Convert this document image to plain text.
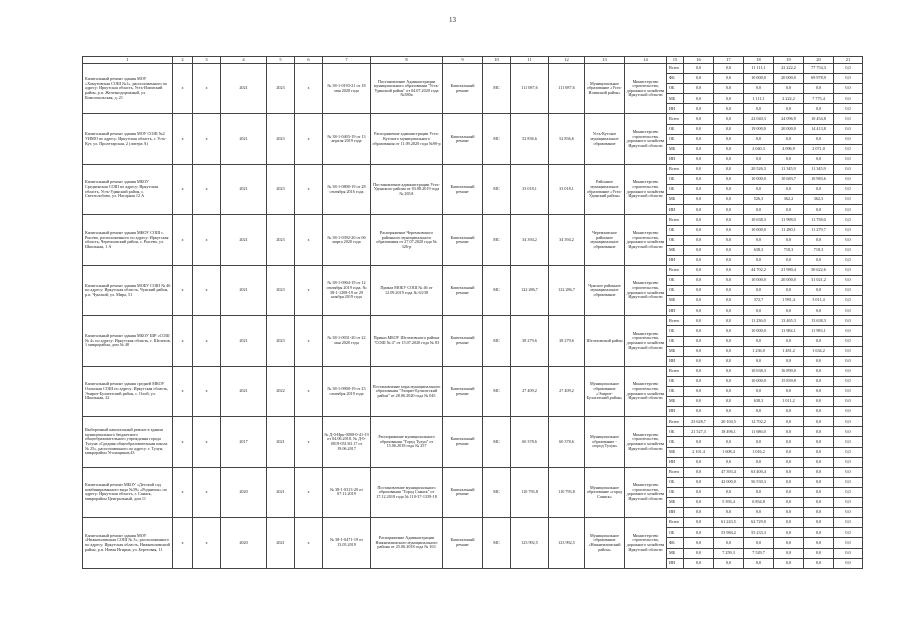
13
1	2	3	4	5	6	7	8	9	10	11	12	13	14	15	16	17	18	19	20	21
Капитальный ремонт здания МОУ «Хомутовская СОШ №1», расположенного по адресу: Иркутская область, Усть-Илимский район, р.п. Железнодорожный, ул. Комсомольская, д. 21	х	х	2021	2023	х	№ 38-1-0193-21 от 18 мая 2020 года	Постановление Администрации муниципального образования "Усть-Удинский район" от 04.07.2020 года №380а	Капитальный ремонт	МС	111 087,6	111 087,6	Муниципальное образование «Усть-Илимский район»	Министерство строительства, дорожного хозяйства Иркутской области	Всего	0,0	0,0	11 111,1	22 222,2	77 754,3	0,0
														ФБ	0,0	0,0	10 000,0	20 000,0	69 978,9	0,0
														ОБ	0,0	0,0	0,0	0,0	0,0	0,0
														МБ	0,0	0,0	1 111,1	2 222,2	7 775,4	0,0
														ИИ	0,0	0,0	0,0	0,0	0,0	0,0
Капитальный ремонт здания МОУ СОШ №2 УИМО по адресу: Иркутская область, г. Усть-Кут, ул. Пролетарская, 2 (литера А)	х	х	2021	2023	х	№ 38-1-0403-19 от 13 апреля 2019 года	Распоряжение администрации Усть-Кутского муниципального образования от 11.09.2020 года №90-р	Капитальный ремонт	МС	52 836,6	52 836,6	Усть-Кутское муниципальное образование	Министерство строительства, дорожного хозяйства Иркутской области	Всего	0,0	0,0	22 040,3	24 096,9	10 454,8	0,0
														ОБ	0,0	0,0	19 000,0	20 000,0	14 413,8	0,0
														ОБ	0,0	0,0	0,0	0,0	0,0	0,0
														МБ	0,0	0,0	2 040,3	4 096,9	2 071,0	0,0
														ИИ	0,0	0,0	0,0	0,0	0,0	0,0
Капитальный ремонт здания МБОУ Средненская СОШ по адресу: Иркутская область, Усть-Удинский район, с. Светлолобово, ул. Нагорная 12 А	х	х	2021	2023	х	№ 38-1-0800-19 от 28 сентября 2016 года	Постановление администрации Усть-Удинского района от 03.08.2019 года № 265А	Капитальный ремонт	МС	33 018,1	33 018,1	Районное муниципальное образование «Усть-Удинский район»	Министерство строительства, дорожного хозяйства Иркутской области	Всего	0,0	0,0	20 526,3	11 345,9	11 345,9	0,0
														ОБ	0,0	0,0	10 000,0	10 683,7	10 983,6	0,0
														ОБ	0,0	0,0	0,0	0,0	0,0	0,0
														МБ	0,0	0,0	526,3	362,2	362,3	0,0
														ИИ	0,0	0,0	0,0	0,0	0,0	0,0
Капитальный ремонт здания МКОУ СОШ с. Рысево, расположенного по адресу: Иркутская область, Черемховский район, с. Рысево, ул. Школьная, 1 А	х	х	2021	2023	х	№ 38-1-0392-20 от 06 марта 2020 года	Распоряжение Черемховского районного муниципального образования от 27.07.2020 года № 326-р	Капитальный ремонт	МС	34 394,2	34 394,2	Черемховское районное муниципальное образование	Министерство строительства, дорожного хозяйства Иркутской области	Всего	0,0	0,0	10 638,3	11 998,0	11 758,0	0,0
														ОБ	0,0	0,0	10 000,0	11 280,1	11 279,7	0,0
														ОБ	0,0	0,0	0,0	0,0	0,0	0,0
														МБ	0,0	0,0	638,3	718,3	718,3	0,0
														ИИ	0,0	0,0	0,0	0,0	0,0	0,0
Капитальный ремонт здания МОБУ СОШ № 46 по адресу: Иркутская область, Чунский район, р.п. Чунский, ул. Мира, 51	х	х	2021	2023	х	№ 38-1-0904-19 от 12 сентября 2019 года, № 38-1-1208-19 от 29 ноября 2019 года	Приказ МОБУ СОШ № 46 от 12.09.2019 года № 63/38	Капитальный ремонт	МС	122 286,7	122 286,7	Чунское районное муниципальное образование	Министерство строительства, дорожного хозяйства Иркутской области	Всего	0,0	0,0	44 702,2	21 980,4	30 622,6	0,0
														ОБ	0,0	0,0	10 000,0	20 000,0	31 021,2	0,0
														ОБ	0,0	0,0	0,0	0,0	0,0	0,0
														МБ	0,0	0,0	372,7	1 981,4	3 011,4	0,0
														ИИ	0,0	0,0	0,0	0,0	0,0	0,0
Капитальный ремонт здания МБОУ ШР «СОШ № 4» по адресу: Иркутская область, г. Шелехов, 1 микрорайон, дом № 48	х	х	2021	2023	х	№ 38-1-0031-20 от 22 мая 2020 года	Приказ МБОУ Шелеховского района "СОШ № 4" от 15.07.2020 года № 83	Капитальный ремонт	МС	38 279,6	38 279,6	Шелеховский район	Министерство строительства, дорожного хозяйства Иркутской области	Всего	0,0	0,0	11 236,0	13 465,3	13 638,3	0,0
														ОБ	0,0	0,0	10 000,0	11 984,1	11 983,1	0,0
														ОБ	0,0	0,0	0,0	0,0	0,0	0,0
														МБ	0,0	0,0	1 236,0	1 481,2	1 634,2	0,0
														ИИ	0,0	0,0	0,0	0,0	0,0	0,0
Капитальный ремонт здания средней МКОУ Олонская СОШ по адресу: Иркутская область, Эхирит-Булагатский район, с. Олой, ул. Школьная, 22	х	х	2021	2022	х	№ 38-1-0900-19 от 23 сентября 2019 года	Постановление мэра муниципального образования "Эхирит-Булагатский район" от 28.06.2020 года № 045	Капитальный ремонт	МС	27 409,2	27 409,2	Муниципальное образование «Эхирит-Булагатский район»	Министерство строительства, дорожного хозяйства Иркутской области	Всего	0,0	0,0	10 638,3	16 890,0	0,0	0,0
														ОБ	0,0	0,0	10 000,0	15 839,8	0,0	0,0
														ОБ	0,0	0,0	0,0	0,0	0,0	0,0
														МБ	0,0	0,0	638,3	1 011,2	0,0	0,0
														ИИ	0,0	0,0	0,0	0,0	0,0	0,0
Выборочный капитальный ремонт в здании муниципального бюджетного общеобразовательного учреждения города Тулуна «Средняя общеобразовательная школа № 25», расположенного по адресу: г. Тулун, микрорайон Угольщиков,43	х	х	2017	2021	х	№ Д-0-Ирк-0000-0-41-19 от 04.06.2018, № Д-0-0019-051/03.17 от 19.06.2017	Распоряжение муниципального образования "Город Тулун" от 15.06.2018 года № 257	Капитальный ремонт	МС	60 378,6	60 378,6	Муниципальное образование - «город Тулун»	Министерство строительства, дорожного хозяйства Иркутской области	Всего	23 628,7	20 104,5	12 702,2	0,0	0,0	0,0
														ОБ	21 527,3	18 496,1	11 686,0	0,0	0,0	0,0
														ОБ	0,0	0,0	0,0	0,0	0,0	0,0
														МБ	2 101,4	1 608,4	1 016,2	0,0	0,0	0,0
														ИИ	0,0	0,0	0,0	0,0	0,0	0,0
Капитальный ремонт МБОУ «Детский сад комбинированного вида №39» «Родничок» по адресу: Иркутская область, г. Саянск, микрорайон Центральный, дом 11	х	х	2020	2021	х	№ 38-1-0313-20 от 07.11.2019	Постановление муниципального образования "Город Саянск" от 17.12.2018 года № 110-37-1339-18	Капитальный ремонт	МС	110 793,8	110 793,8	Муниципальное образование «город Саянск»	Министерство строительства, дорожного хозяйства Иркутской области	Всего	0,0	47 393,4	63 400,4	0,0	0,0	0,0
														ОБ	0,0	42 000,0	56 530,3	0,0	0,0	0,0
														ОБ	0,0	0,0	0,0	0,0	0,0	0,0
														МБ	0,0	5 393,4	6 854,8	0,0	0,0	0,0
														ИИ	0,0	0,0	0,0	0,0	0,0	0,0
Капитальный ремонт здания МОУ «Нижнеилимская СОШ № 3», расположенного по адресу: Иркутская область, Нижнеилимский район, р.п. Новая Игирма, ул. Береговая, 11	х	х	2020	2021	х	№ 38-1-0471-19 от 13.05.2019	Распоряжение Администрации Нижнеилимского муниципального района от 25.06.2018 года № 163	Капитальный ремонт	МС	123 992,5	123 992,5	Муниципальное образование «Нижнеилимский район»	Министерство строительства, дорожного хозяйства Иркутской области	Всего	0,0	61 243,5	62 729,0	0,0	0,0	0,0
														ОБ	0,0	53 984,2	55 233,3	0,0	0,0	0,0
														ФБ	0,0	0,0	0,0	0,0	0,0	0,0
														МБ	0,0	7 259,3	7 529,7	0,0	0,0	0,0
														ИИ	0,0	0,0	0,0	0,0	0,0	0,0
